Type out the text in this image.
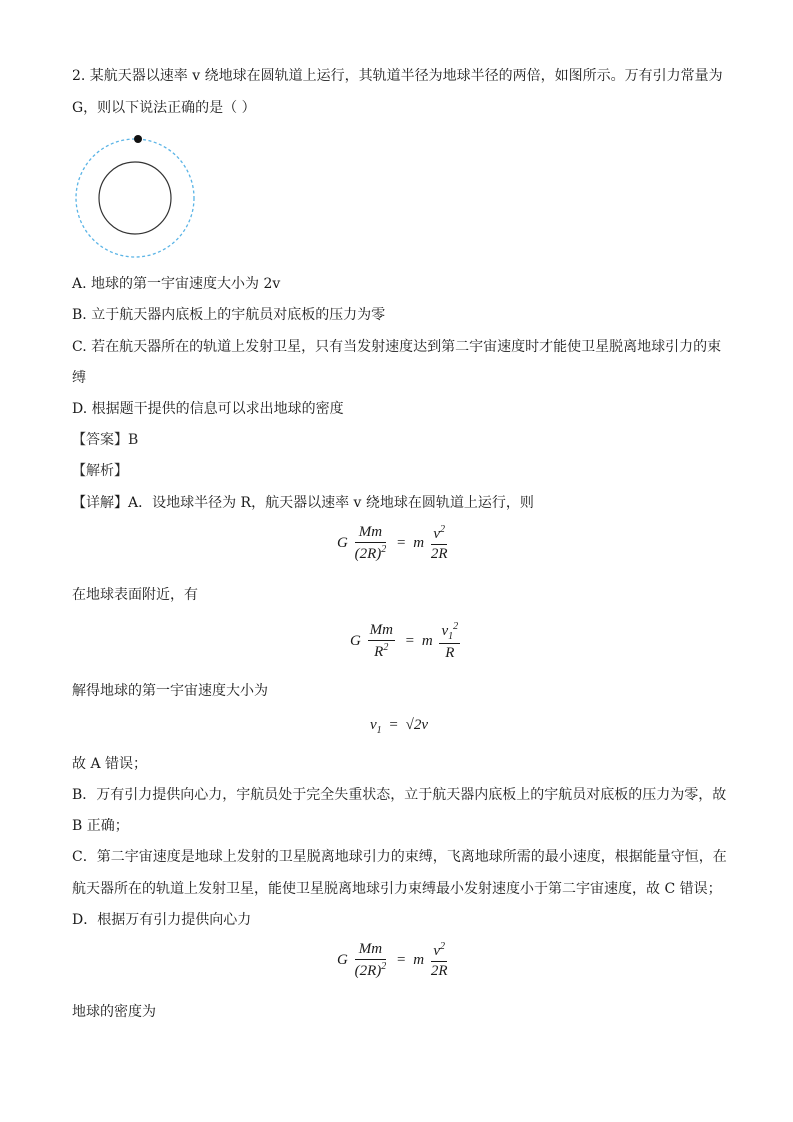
2. 某航天器以速率 v 绕地球在圆轨道上运行，其轨道半径为地球半径的两倍，如图所示。万有引力常量为
G，则以下说法正确的是（ ）
A. 地球的第一宇宙速度大小为 2v
B. 立于航天器内底板上的宇航员对底板的压力为零
C. 若在航天器所在的轨道上发射卫星，只有当发射速度达到第二宇宙速度时才能使卫星脱离地球引力的束
缚
D. 根据题干提供的信息可以求出地球的密度
【答案】B
【解析】
【详解】A．设地球半径为 R，航天器以速率 v 绕地球在圆轨道上运行，则
G $\frac{Mm}{(2R)^2} = m \frac{v^2}{2R}$
在地球表面附近，有
G $\frac{Mm}{R^2} = m \frac{v_1^2}{R}$
解得地球的第一宇宙速度大小为
$v_1 = √2v$
故 A 错误；
B．万有引力提供向心力，宇航员处于完全失重状态，立于航天器内底板上的宇航员对底板的压力为零，故
B 正确；
C．第二宇宙速度是地球上发射的卫星脱离地球引力的束缚，飞离地球所需的最小速度，根据能量守恒，在
航天器所在的轨道上发射卫星，能使卫星脱离地球引力束缚最小发射速度小于第二宇宙速度，故 C 错误；
D．根据万有引力提供向心力
G $\frac{Mm}{(2R)^2} = m \frac{v^2}{2R}$
地球的密度为
